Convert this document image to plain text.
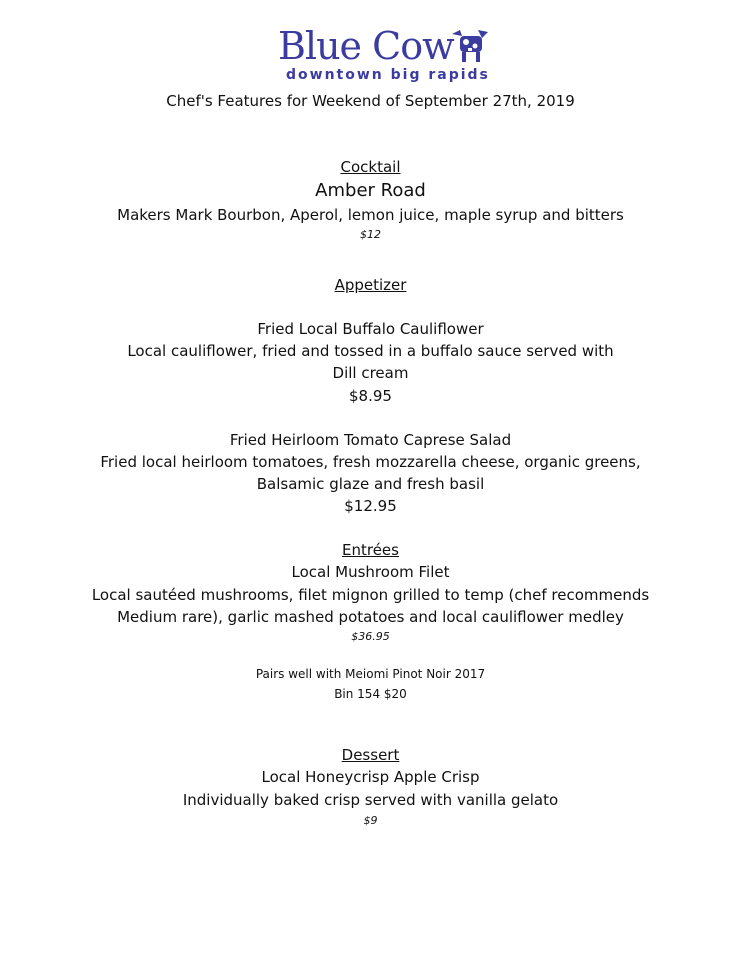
Blue Cow
downtown big rapids
Chef's Features for Weekend of September 27th, 2019
Cocktail
Amber Road
Makers Mark Bourbon, Aperol, lemon juice, maple syrup and bitters
$12
Appetizer
Fried Local Buffalo Cauliflower
Local cauliflower, fried and tossed in a buffalo sauce served with
Dill cream
$8.95
Fried Heirloom Tomato Caprese Salad
Fried local heirloom tomatoes, fresh mozzarella cheese, organic greens,
Balsamic glaze and fresh basil
$12.95
Entrées
Local Mushroom Filet
Local sautéed mushrooms, filet mignon grilled to temp (chef recommends
Medium rare), garlic mashed potatoes and local cauliflower medley
$36.95
Pairs well with Meiomi Pinot Noir 2017
Bin 154 $20
Dessert
Local Honeycrisp Apple Crisp
Individually baked crisp served with vanilla gelato
$9
